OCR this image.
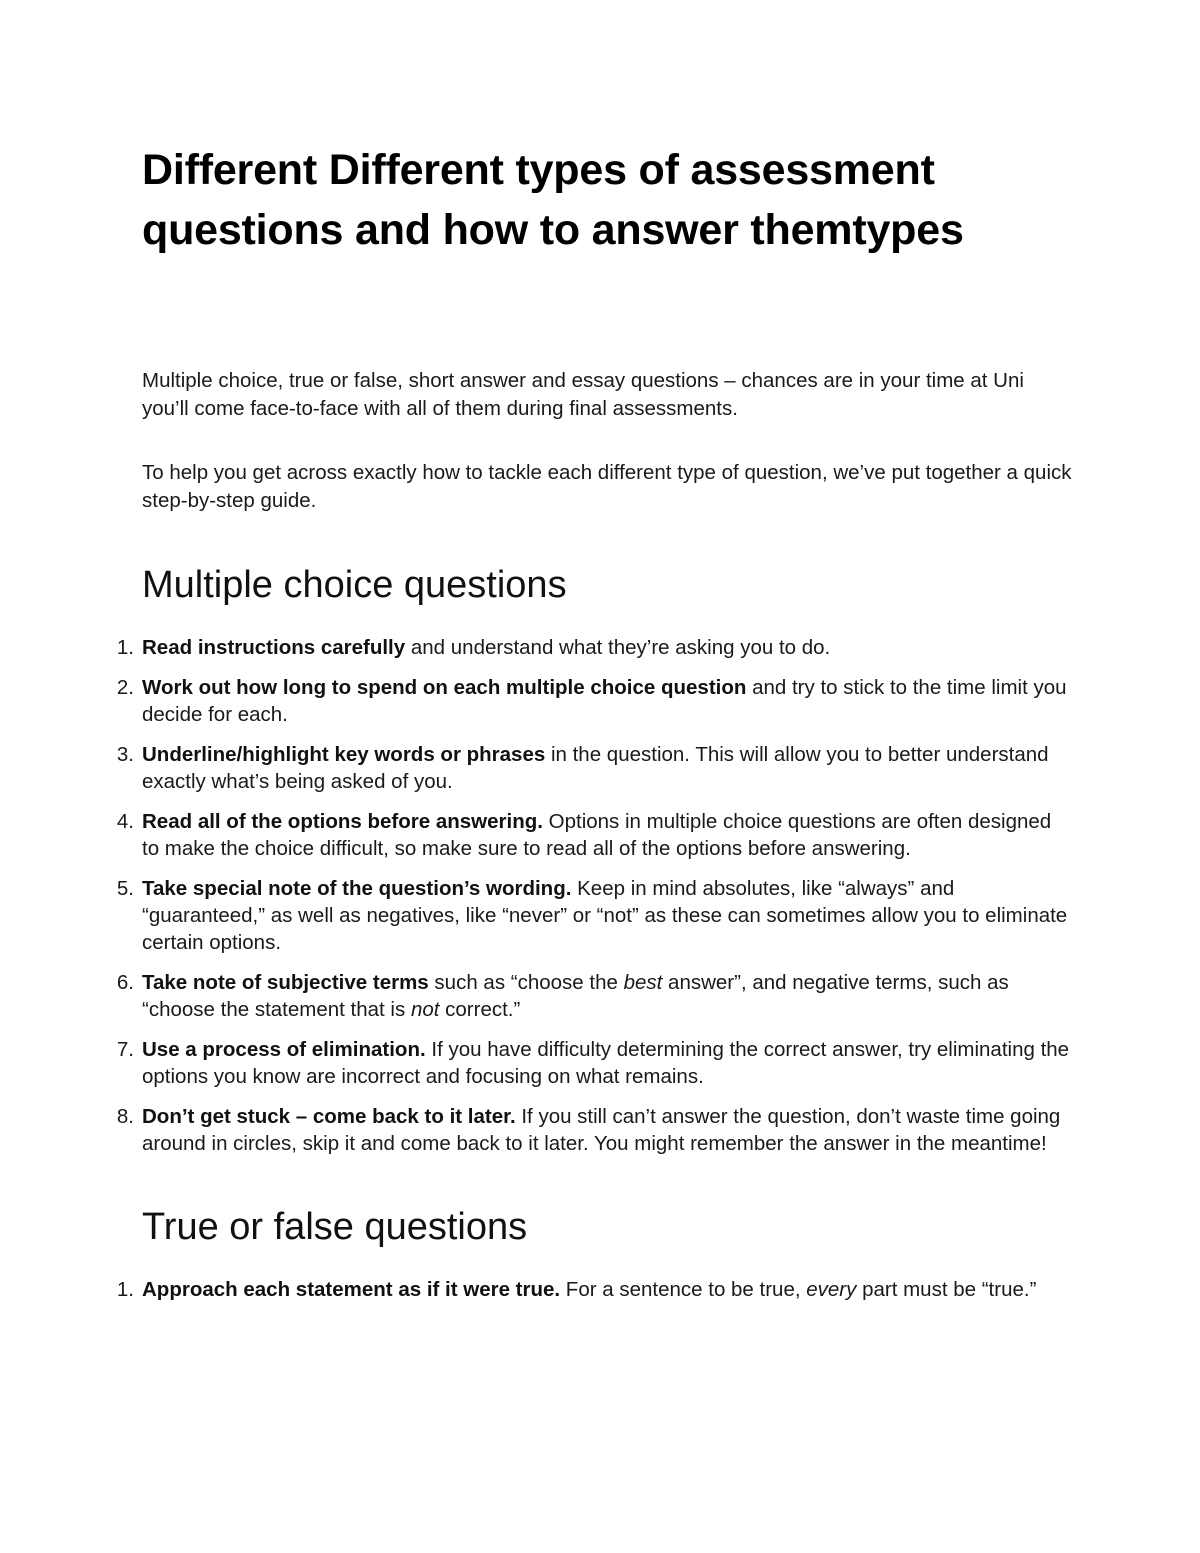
Different Different types of assessment questions and how to answer themtypes

Multiple choice, true or false, short answer and essay questions – chances are in your time at Uni you’ll come face-to-face with all of them during final assessments.

To help you get across exactly how to tackle each different type of question, we’ve put together a quick step-by-step guide.

Multiple choice questions
1. Read instructions carefully and understand what they’re asking you to do.
2. Work out how long to spend on each multiple choice question and try to stick to the time limit you decide for each.
3. Underline/highlight key words or phrases in the question. This will allow you to better understand exactly what’s being asked of you.
4. Read all of the options before answering. Options in multiple choice questions are often designed to make the choice difficult, so make sure to read all of the options before answering.
5. Take special note of the question’s wording. Keep in mind absolutes, like “always” and “guaranteed,” as well as negatives, like “never” or “not” as these can sometimes allow you to eliminate certain options.
6. Take note of subjective terms such as “choose the best answer”, and negative terms, such as “choose the statement that is not correct.”
7. Use a process of elimination. If you have difficulty determining the correct answer, try eliminating the options you know are incorrect and focusing on what remains.
8. Don’t get stuck – come back to it later. If you still can’t answer the question, don’t waste time going around in circles, skip it and come back to it later. You might remember the answer in the meantime!
True or false questions
1. Approach each statement as if it were true. For a sentence to be true, every part must be “true.”
